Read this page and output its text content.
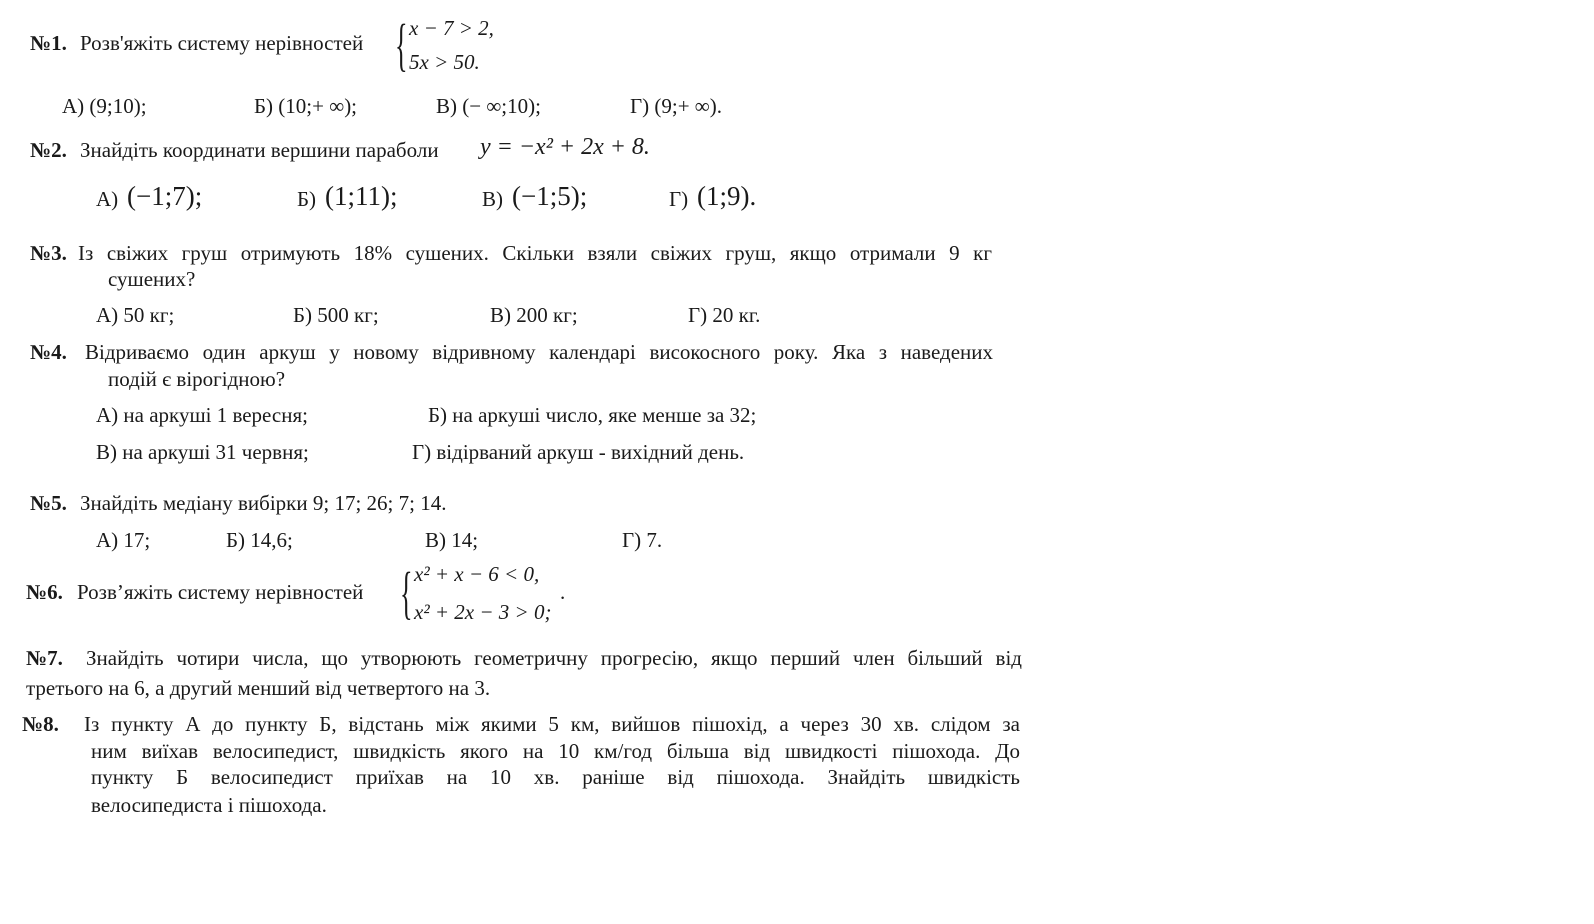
№1. Розв'яжіть систему нерівностей { x − 7 > 2,
5x > 50.
А) (9;10);	Б) (10;+ ∞);	В) (− ∞;10);	Г) (9;+ ∞).
№2. Знайдіть координати вершини параболи y = −x² + 2x + 8.
А) (−1;7);	Б) (1;11);	В) (−1;5);	Г) (1;9).
№3. Із свіжих груш отримують 18% сушених. Скільки взяли свіжих груш, якщо отримали 9 кг
сушених?
А) 50 кг;	Б) 500 кг;	В) 200 кг;	Г) 20 кг.
№4. Відриваємо один аркуш у новому відривному календарі високосного року. Яка з наведених
подій є вірогідною?
А) на аркуші 1 вересня;	Б) на аркуші число, яке менше за 32;
В) на аркуші 31 червня;	Г) відірваний аркуш - вихідний день.
№5. Знайдіть медіану вибірки 9; 17; 26; 7; 14.
А) 17;	Б) 14,6;	В) 14;	Г) 7.
№6. Розв’яжіть систему нерівностей { x² + x − 6 < 0,
x² + 2x − 3 > 0;
.
№7. Знайдіть чотири числа, що утворюють геометричну прогресію, якщо перший член більший від
третього на 6, а другий менший від четвертого на 3.
№8. Із пункту А до пункту Б, відстань між якими 5 км, вийшов пішохід, а через 30 хв. слідом за
ним виїхав велосипедист, швидкість якого на 10 км/год більша від швидкості пішохода. До
пункту Б велосипедист приїхав на 10 хв. раніше від пішохода. Знайдіть швидкість
велосипедиста і пішохода.
